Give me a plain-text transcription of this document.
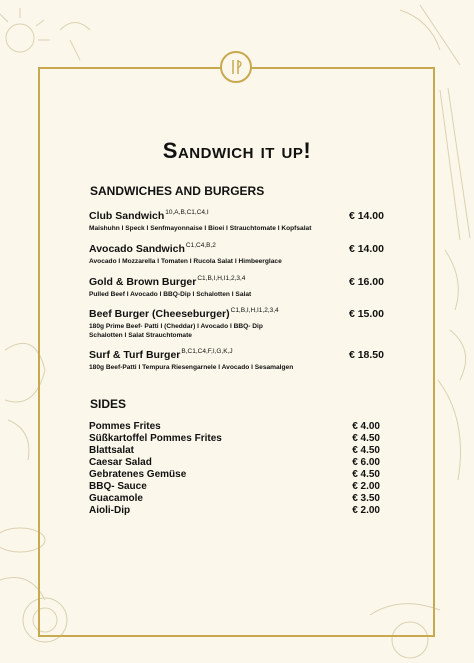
Sandwich it up!
SANDWICHES AND BURGERS
Club Sandwich$^{10,A,B,C1,C4,I}$	€ 14.00
Maishuhn I Speck I Senfmayonnaise I Bioei I Strauchtomate I Kopfsalat
Avocado Sandwich$^{C1,C4,B,2}$	€ 14.00
Avocado I Mozzarella I Tomaten I Rucola Salat I Himbeerglace
Gold & Brown Burger$^{C1,B,I,H,I1,2,3,4}$	€ 16.00
Pulled Beef I Avocado I BBQ-Dip I Schalotten I Salat
Beef Burger (Cheeseburger)$^{C1,B,I,H,I1,2,3,4}$	€ 15.00
180g Prime Beef- Patti I (Cheddar) I Avocado I BBQ- Dip Schalotten I Salat Strauchtomate
Surf & Turf Burger$^{B,C1,C4,F,I,G,K,J}$	€ 18.50
180g Beef-Patti I Tempura Riesengarnele I Avocado I Sesamalgen
SIDES
Pommes Frites	€ 4.00
Süßkartoffel Pommes Frites	€ 4.50
Blattsalat	€ 4.50
Caesar Salad	€ 6.00
Gebratenes Gemüse	€ 4.50
BBQ- Sauce	€ 2.00
Guacamole	€ 3.50
Aioli-Dip	€ 2.00
